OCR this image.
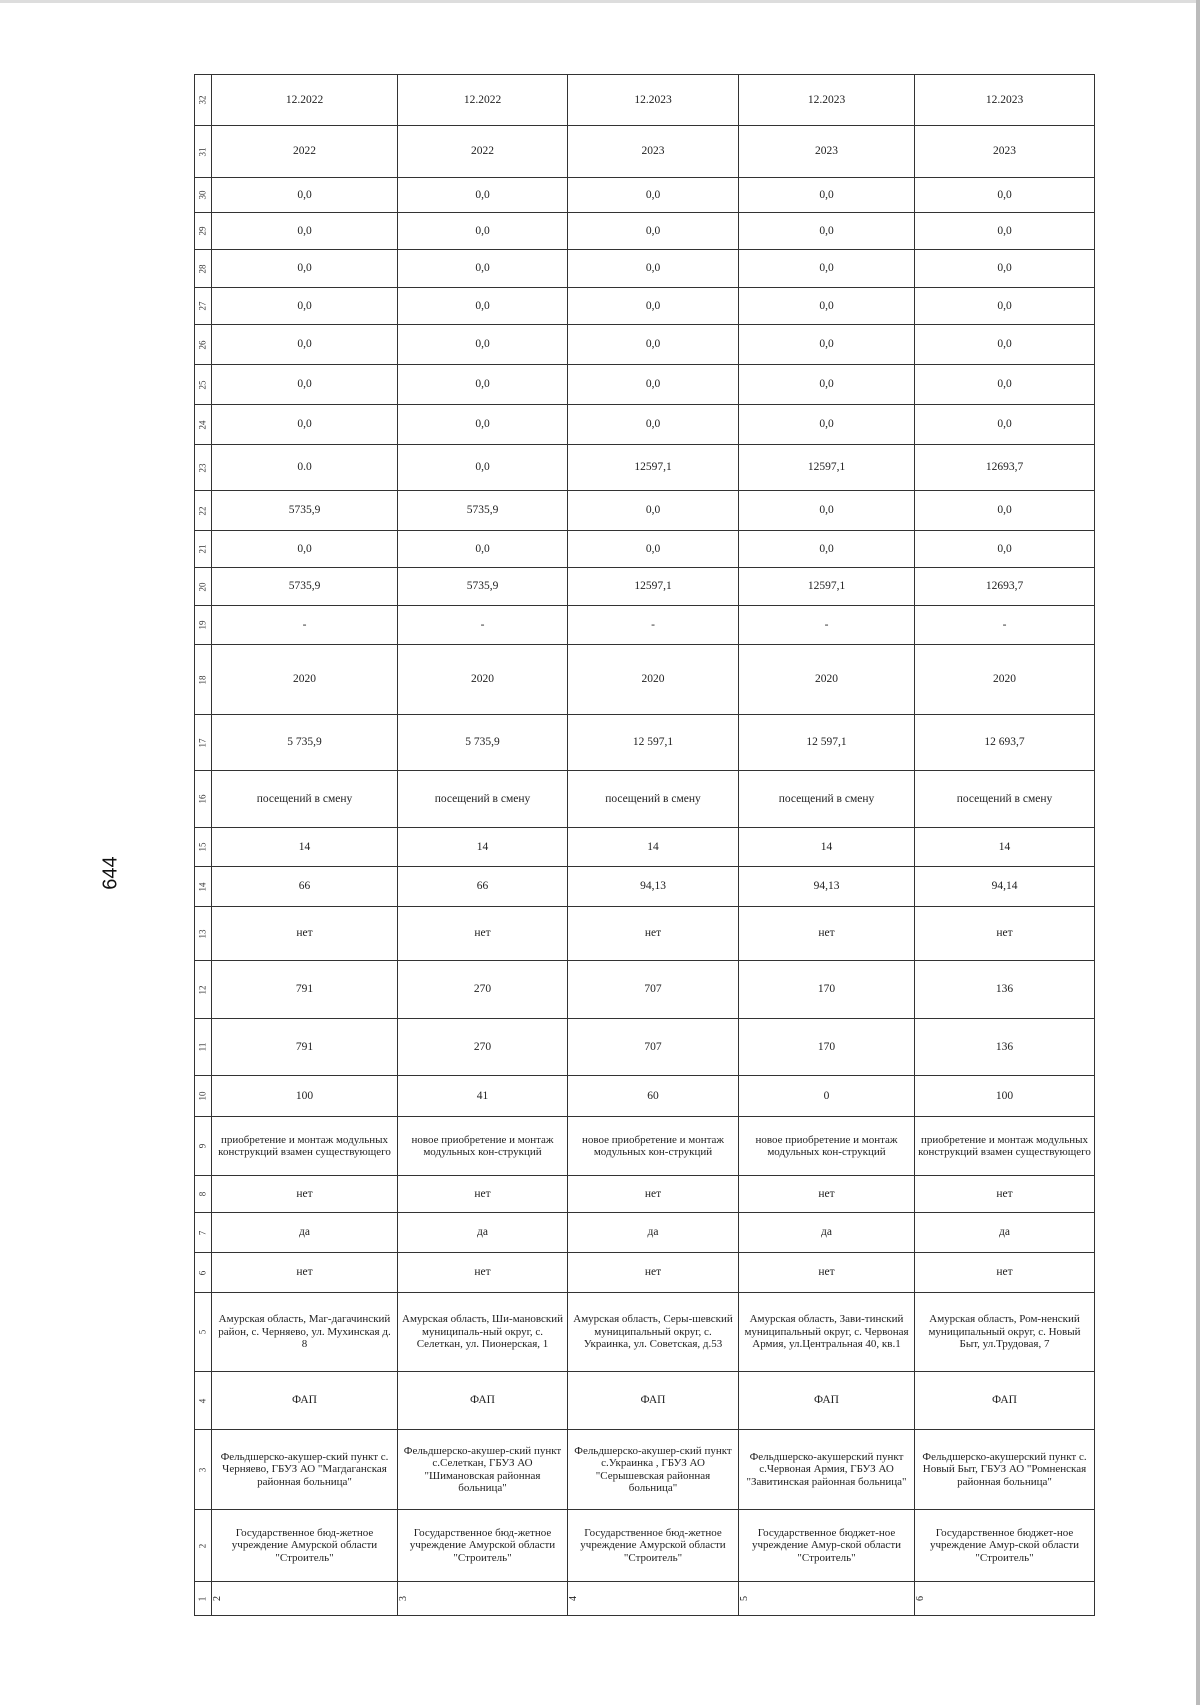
644
32	12.2022	12.2022	12.2023	12.2023	12.2023

31	2022	2022	2023	2023	2023

30	0,0	0,0	0,0	0,0	0,0

29	0,0	0,0	0,0	0,0	0,0

28	0,0	0,0	0,0	0,0	0,0

27	0,0	0,0	0,0	0,0	0,0

26	0,0	0,0	0,0	0,0	0,0

25	0,0	0,0	0,0	0,0	0,0

24	0,0	0,0	0,0	0,0	0,0

23	0.0	0,0	12597,1	12597,1	12693,7

22	5735,9	5735,9	0,0	0,0	0,0

21	0,0	0,0	0,0	0,0	0,0

20	5735,9	5735,9	12597,1	12597,1	12693,7

19	-	-	-	-	-

18	2020	2020	2020	2020	2020

17	5 735,9	5 735,9	12 597,1	12 597,1	12 693,7

16	посещений в смену	посещений в смену	посещений в смену	посещений в смену	посещений в смену

15	14	14	14	14	14

14	66	66	94,13	94,13	94,14

13	нет	нет	нет	нет	нет

12	791	270	707	170	136

11	791	270	707	170	136

10	100	41	60	0	100

9	приобретение и монтаж модульных конструкций взамен существующего	новое приобретение и монтаж модульных кон-струкций	новое приобретение и монтаж модульных кон-струкций	новое приобретение и монтаж модульных кон-струкций	приобретение и монтаж модульных конструкций взамен существующего

8	нет	нет	нет	нет	нет

7	да	да	да	да	да

6	нет	нет	нет	нет	нет

5	Амурская область, Маг-дагачинский район, с. Черняево, ул. Мухинская д. 8	Амурская область, Ши-мановский муниципаль-ный округ, с. Селеткан, ул. Пионерская, 1	Амурская область, Серы-шевский муниципальный округ, с. Украинка, ул. Советская, д.53	Амурская область, Зави-тинский муниципальный округ, с. Червоная Армия, ул.Центральная 40, кв.1	Амурская область, Ром-ненский муниципальный округ, с. Новый Быт, ул.Трудовая, 7

4	ФАП	ФАП	ФАП	ФАП	ФАП

3	Фельдшерско-акушер-ский пункт с. Черняево, ГБУЗ АО "Магдаганская районная больница"	Фельдшерско-акушер-ский пункт с.Селеткан, ГБУЗ АО "Шимановская районная больница"	Фельдшерско-акушер-ский пункт с.Украинка , ГБУЗ АО "Серышевская районная больница"	Фельдшерско-акушерский пункт с.Червоная Армия, ГБУЗ АО "Завитинская районная больница"	Фельдшерско-акушерский пункт с. Новый Быт, ГБУЗ АО "Ромненская районная больница"

2	Государственное бюд-жетное учреждение Амурской области "Строитель"	Государственное бюд-жетное учреждение Амурской области "Строитель"	Государственное бюд-жетное учреждение Амурской области "Строитель"	Государственное бюджет-ное учреждение Амур-ской области "Строитель"	Государственное бюджет-ное учреждение Амур-ской области "Строитель"

1	2	3	4	5	6
